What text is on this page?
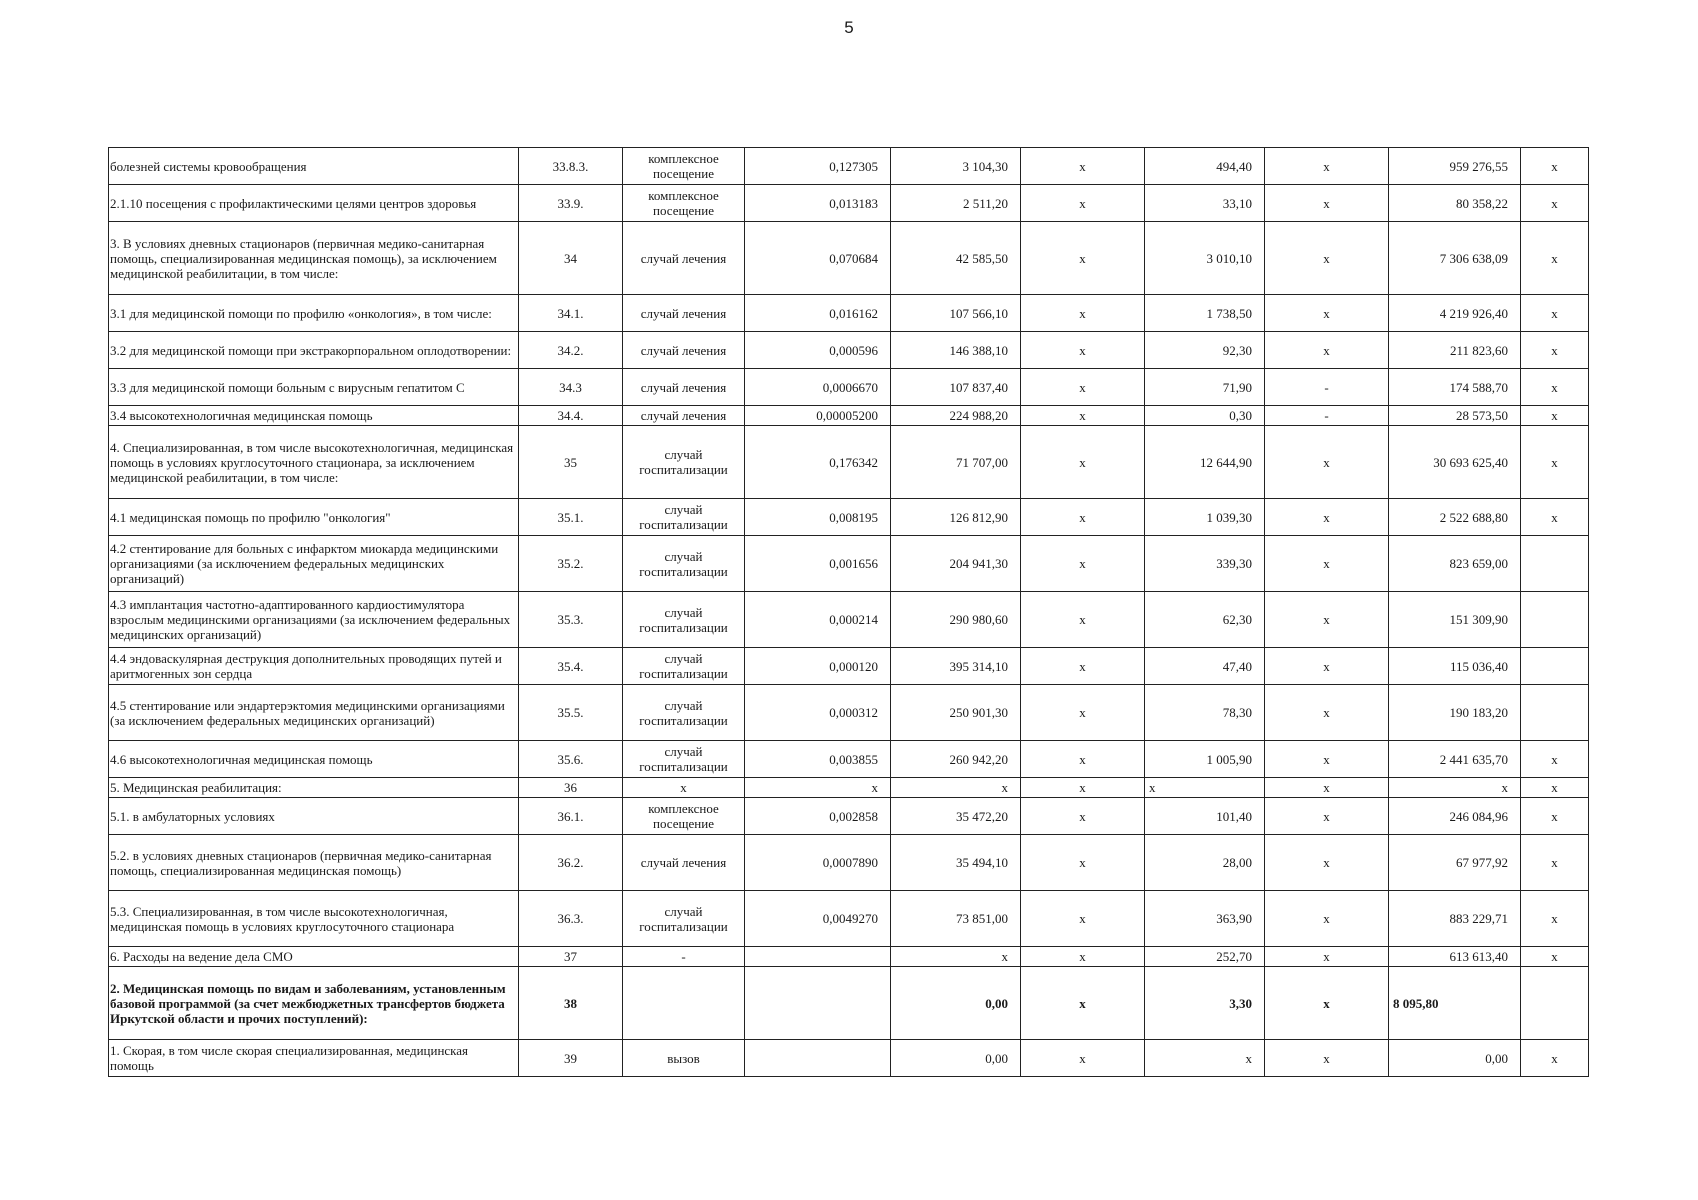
5
болезней системы кровообращения	33.8.3.	комплексное посещение	0,127305	3 104,30	x	494,40	x	959 276,55	x
2.1.10 посещения с профилактическими целями центров здоровья	33.9.	комплексное посещение	0,013183	2 511,20	x	33,10	x	80 358,22	x
3. В условиях дневных стационаров (первичная медико-санитарная помощь, специализированная медицинская помощь), за исключением медицинской реабилитации, в том числе:	34	случай лечения	0,070684	42 585,50	x	3 010,10	x	7 306 638,09	x
3.1 для медицинской помощи по профилю «онкология», в том числе:	34.1.	случай лечения	0,016162	107 566,10	x	1 738,50	x	4 219 926,40	x
3.2 для медицинской помощи при экстракорпоральном оплодотворении:	34.2.	случай лечения	0,000596	146 388,10	x	92,30	x	211 823,60	x
3.3 для медицинской помощи больным с вирусным гепатитом С	34.3	случай лечения	0,0006670	107 837,40	x	71,90	-	174 588,70	x
3.4 высокотехнологичная медицинская помощь	34.4.	случай лечения	0,00005200	224 988,20	x	0,30	-	28 573,50	x
4. Специализированная, в том числе высокотехнологичная, медицинская помощь в условиях круглосуточного стационара, за исключением медицинской реабилитации, в том числе:	35	случай госпитализации	0,176342	71 707,00	x	12 644,90	x	30 693 625,40	x
4.1 медицинская помощь по профилю "онкология"	35.1.	случай госпитализации	0,008195	126 812,90	x	1 039,30	x	2 522 688,80	x
4.2 стентирование для больных с инфарктом миокарда медицинскими организациями (за исключением федеральных медицинских организаций)	35.2.	случай госпитализации	0,001656	204 941,30	x	339,30	x	823 659,00	
4.3 имплантация частотно-адаптированного кардиостимулятора взрослым медицинскими организациями (за исключением федеральных медицинских организаций)	35.3.	случай госпитализации	0,000214	290 980,60	x	62,30	x	151 309,90	
4.4 эндоваскулярная деструкция дополнительных проводящих путей и аритмогенных зон сердца	35.4.	случай госпитализации	0,000120	395 314,10	x	47,40	x	115 036,40	
4.5 стентирование или эндартерэктомия медицинскими организациями (за исключением федеральных медицинских организаций)	35.5.	случай госпитализации	0,000312	250 901,30	x	78,30	x	190 183,20	
4.6 высокотехнологичная медицинская помощь	35.6.	случай госпитализации	0,003855	260 942,20	x	1 005,90	x	2 441 635,70	x
5. Медицинская реабилитация:	36	x	x	x	x	x	x	x	x
5.1. в амбулаторных условиях	36.1.	комплексное посещение	0,002858	35 472,20	x	101,40	x	246 084,96	x
5.2. в условиях дневных стационаров (первичная медико-санитарная помощь, специализированная медицинская помощь)	36.2.	случай лечения	0,0007890	35 494,10	x	28,00	x	67 977,92	x
5.3. Специализированная, в том числе высокотехнологичная, медицинская помощь в условиях круглосуточного стационара	36.3.	случай госпитализации	0,0049270	73 851,00	x	363,90	x	883 229,71	x
6. Расходы на ведение дела СМО	37	-		x	x	252,70	x	613 613,40	x
2. Медицинская помощь по видам и заболеваниям, установленным базовой программой (за счет межбюджетных трансфертов бюджета Иркутской области и прочих поступлений):	38			0,00	x	3,30	x	8 095,80	
1. Скорая, в том числе скорая специализированная, медицинская помощь	39	вызов		0,00	x	x	x	0,00	x
